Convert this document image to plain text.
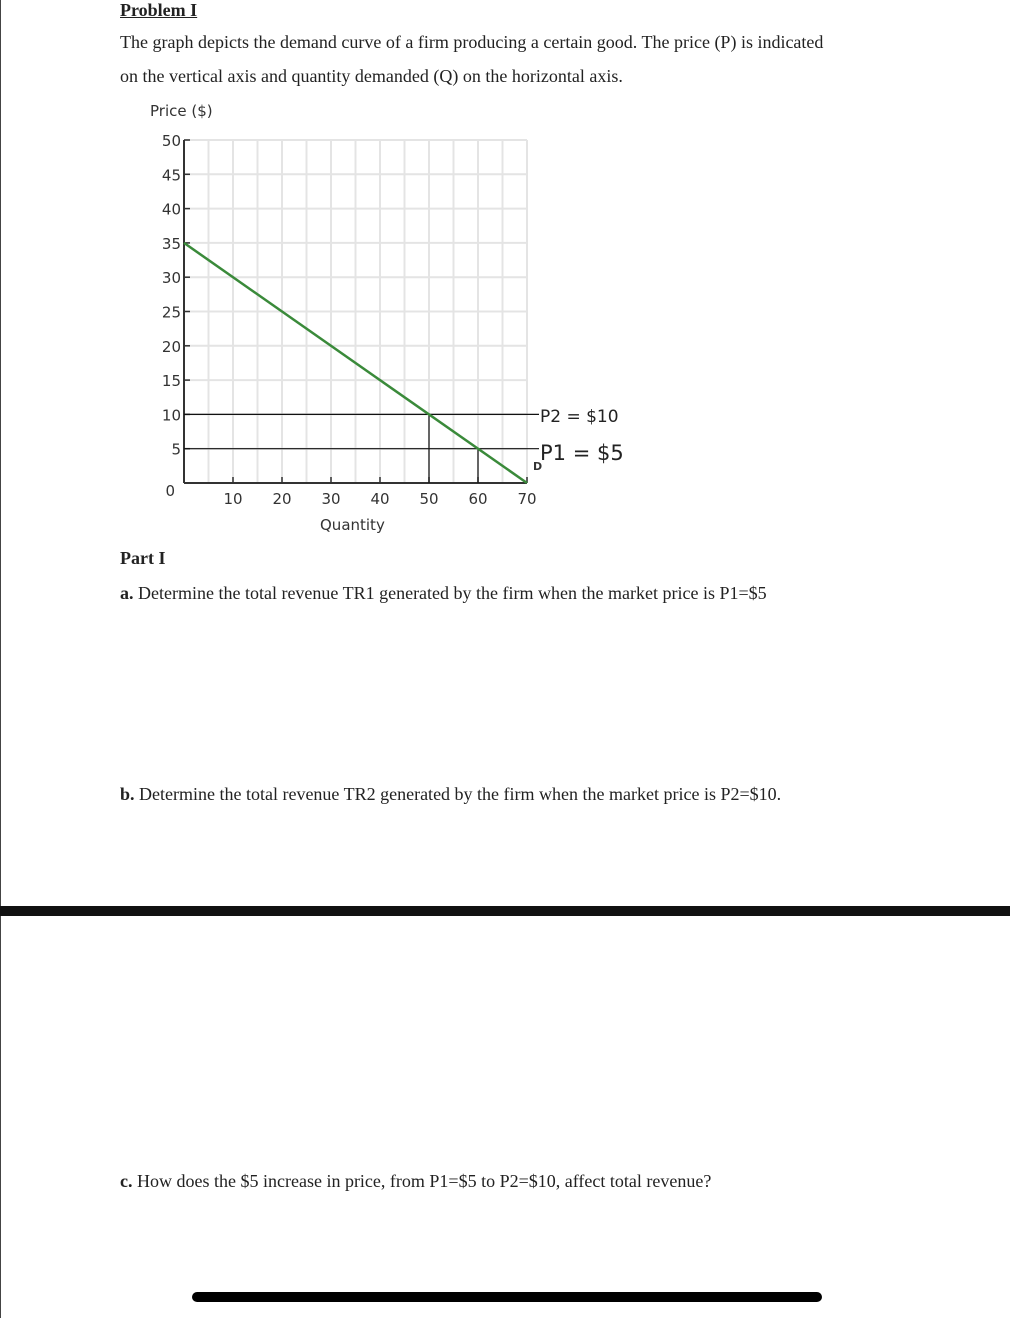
Problem I
The graph depicts the demand curve of a firm producing a certain good. The price (P) is indicated
on the vertical axis and quantity demanded (Q) on the horizontal axis.
0
5
10
15
20
25
30
35
40
45
50
10 20 30 40 50 60 70
Price ($)
Quantity
D
P2 = $10
P1 = $5
Part I
a. Determine the total revenue TR1 generated by the firm when the market price is P1=$5
b. Determine the total revenue TR2 generated by the firm when the market price is P2=$10.
c. How does the $5 increase in price, from P1=$5 to P2=$10, affect total revenue?
